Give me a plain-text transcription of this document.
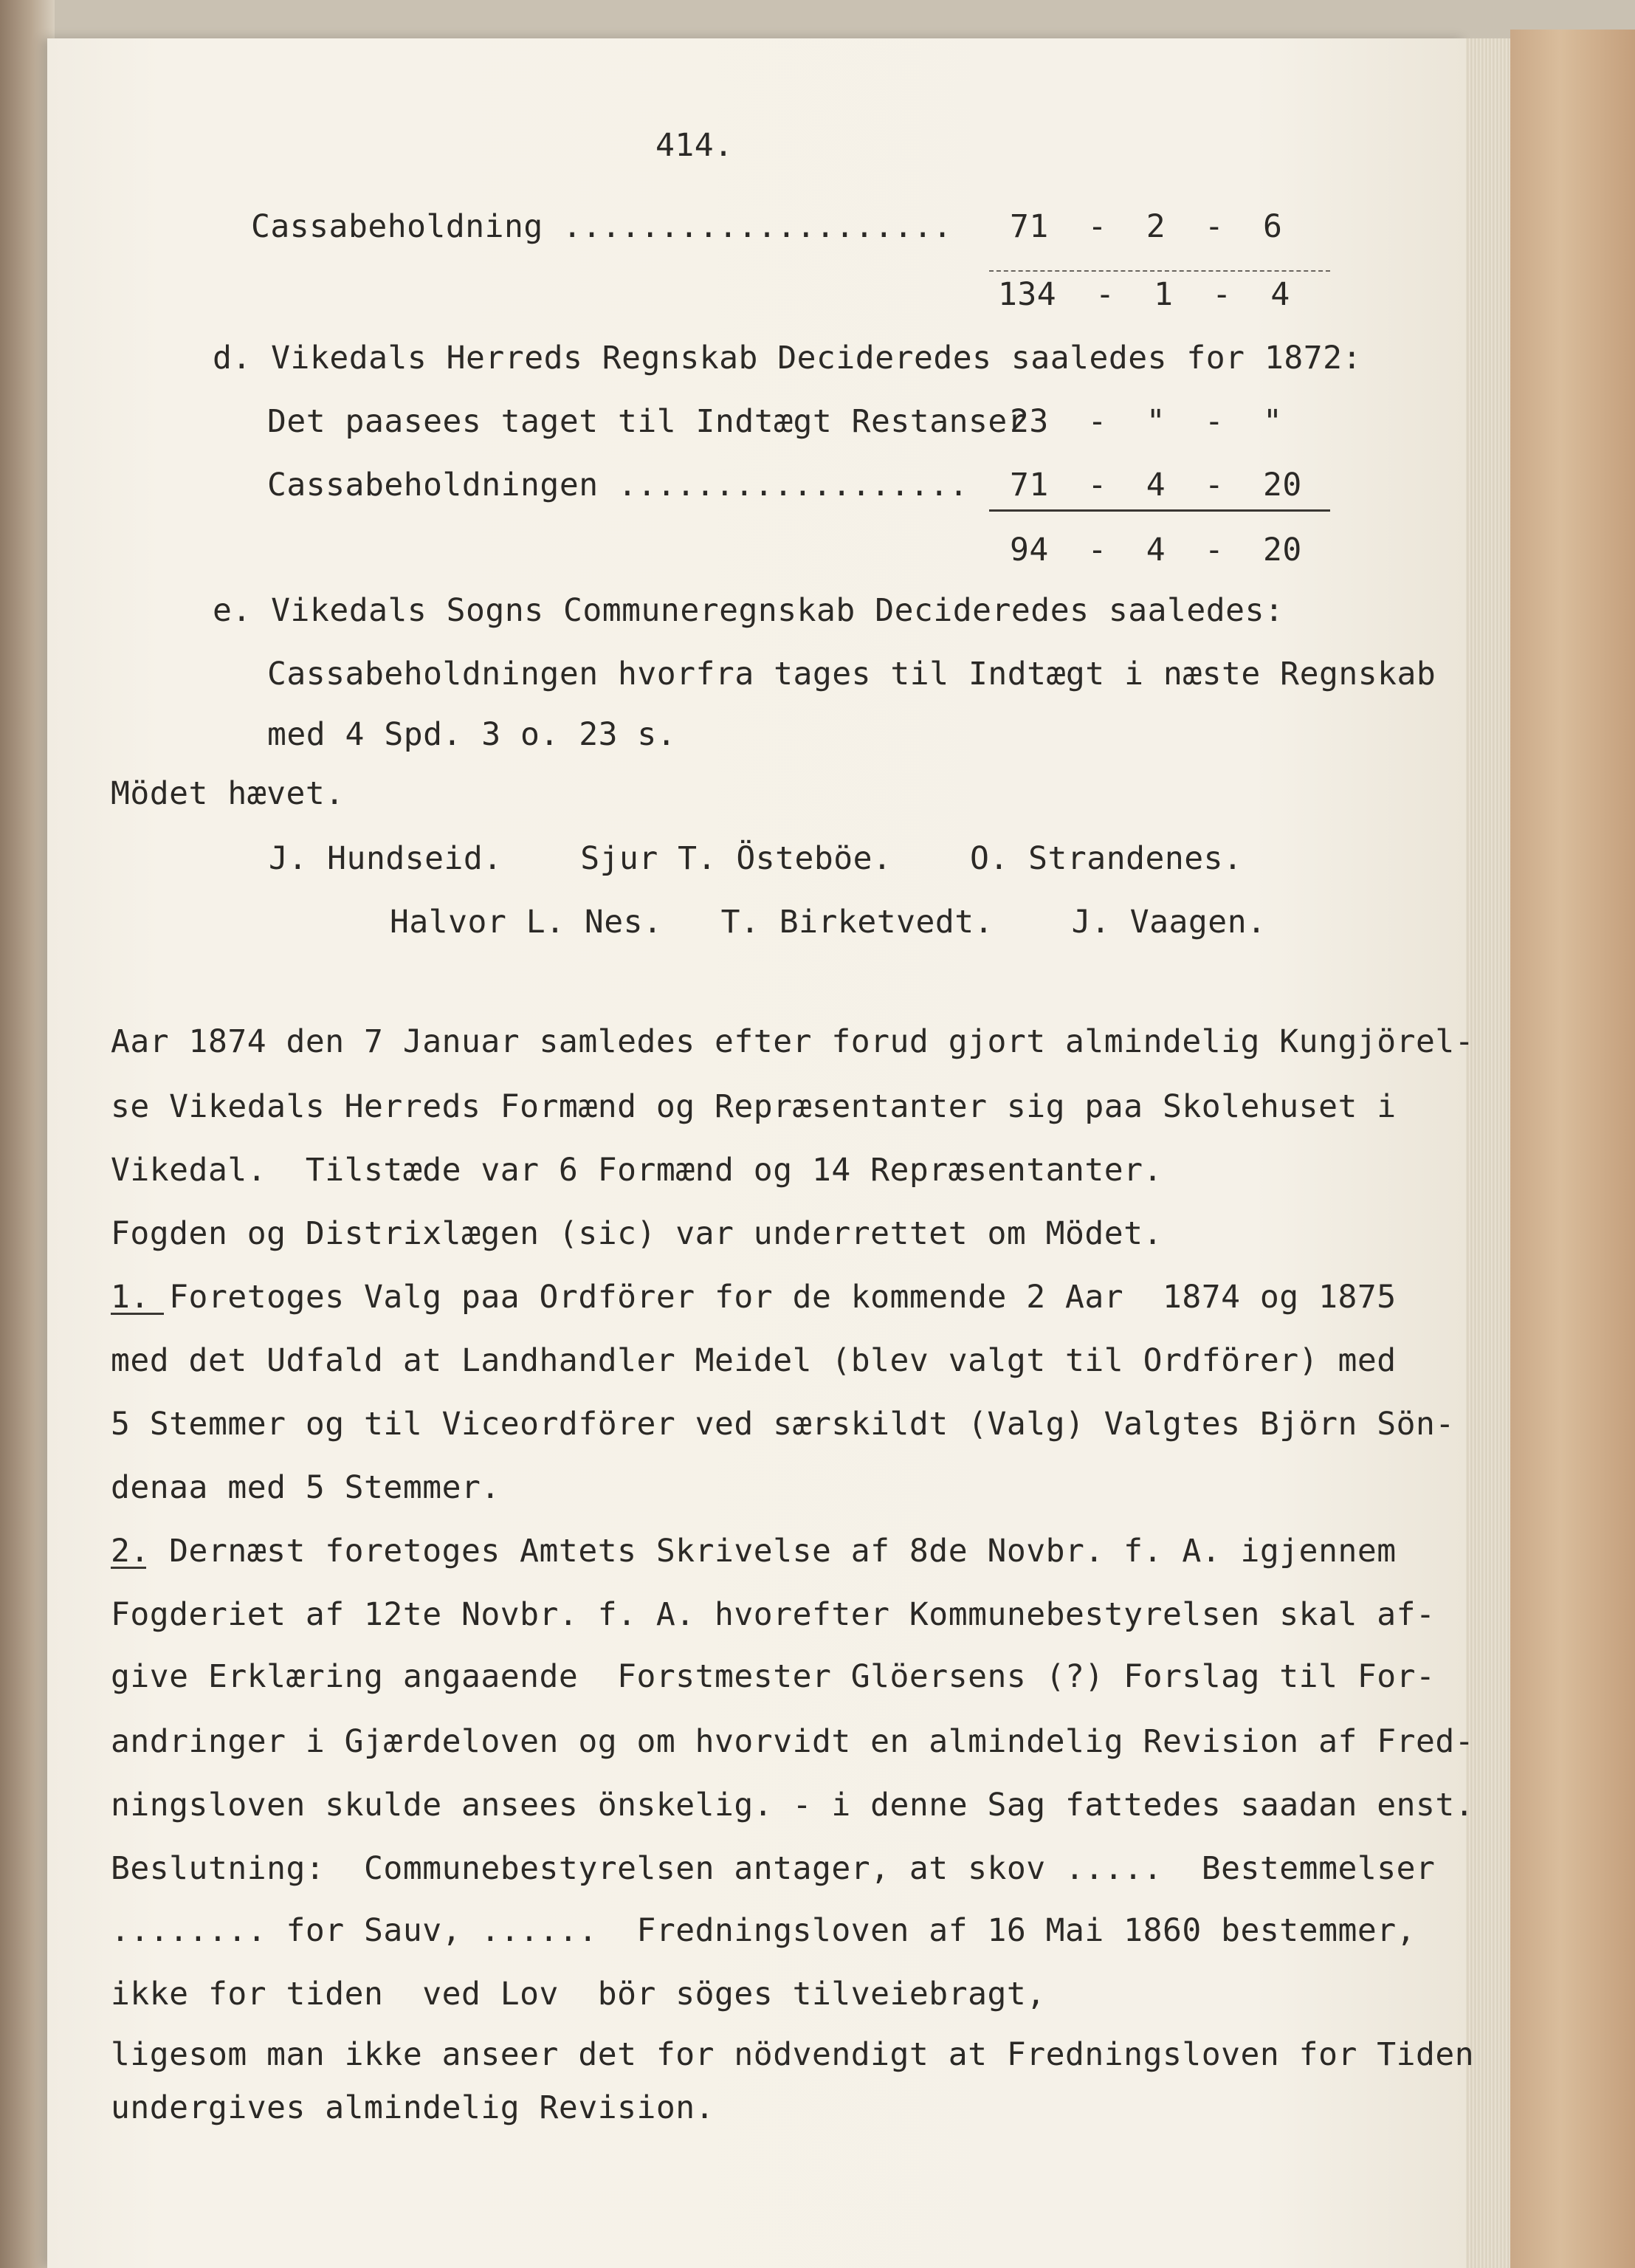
414.
Cassabeholdning .................... 71  -  2  -  6
134  -  1  -  4
d. Vikedals Herreds Regnskab Decideredes saaledes for 1872:
Det paasees taget til Indtægt Restanser
23  -  "  -  "
Cassabeholdningen .................. 71  -  4  -  20
94  -  4  -  20
e. Vikedals Sogns Communeregnskab Decideredes saaledes:
Cassabeholdningen hvorfra tages til Indtægt i næste Regnskab
med 4 Spd. 3 o. 23 s.
Mödet hævet.
J. Hundseid.    Sjur T. Östeböe.    O. Strandenes.
Halvor L. Nes.   T. Birketvedt.    J. Vaagen.
Aar 1874 den 7 Januar samledes efter forud gjort almindelig Kungjörel-
se Vikedals Herreds Formænd og Repræsentanter sig paa Skolehuset i
Vikedal.  Tilstæde var 6 Formænd og 14 Repræsentanter.
Fogden og Distrixlægen (sic) var underrettet om Mödet.
1. Foretoges Valg paa Ordförer for de kommende 2 Aar  1874 og 1875
med det Udfald at Landhandler Meidel (blev valgt til Ordförer) med
5 Stemmer og til Viceordförer ved særskildt (Valg) Valgtes Björn Sön-
denaa med 5 Stemmer.
2. Dernæst foretoges Amtets Skrivelse af 8de Novbr. f. A. igjennem
Fogderiet af 12te Novbr. f. A. hvorefter Kommunebestyrelsen skal af-
give Erklæring angaaende  Forstmester Glöersens (?) Forslag til For-
andringer i Gjærdeloven og om hvorvidt en almindelig Revision af Fred-
ningsloven skulde ansees önskelig. - i denne Sag fattedes saadan enst.
Beslutning:  Communebestyrelsen antager, at skov .....  Bestemmelser
........ for Sauv, ......  Fredningsloven af 16 Mai 1860 bestemmer,
ikke for tiden  ved Lov  bör söges tilveiebragt,
ligesom man ikke anseer det for nödvendigt at Fredningsloven for Tiden
undergives almindelig Revision.
